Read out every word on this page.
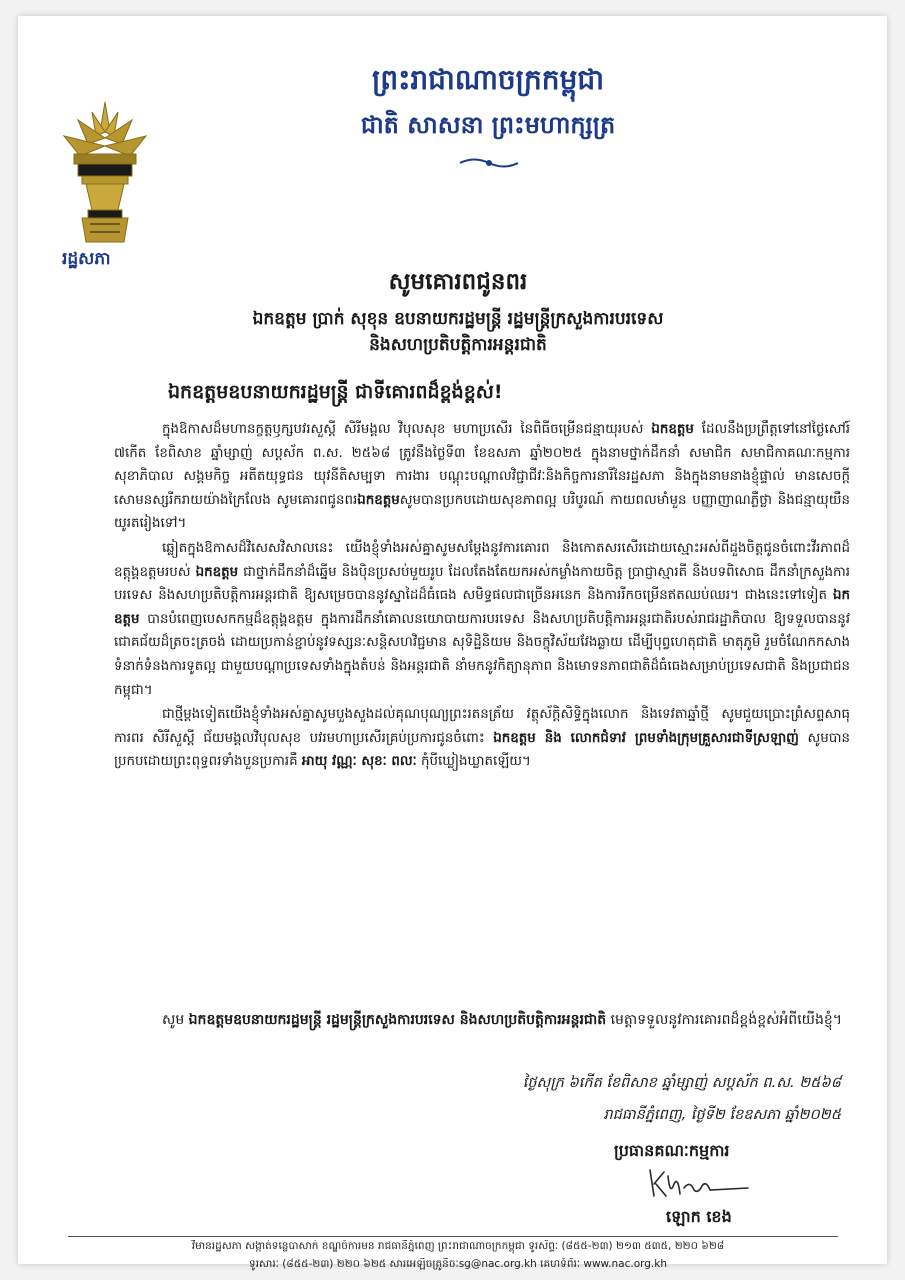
រដ្ឋសភា
ព្រះរាជាណាចក្រកម្ពុជា
ជាតិ សាសនា ព្រះមហាក្សត្រ
សូមគោរពជូនពរ
ឯកឧត្តម ប្រាក់ សុខុន ឧបនាយករដ្ឋមន្ត្រី រដ្ឋមន្ត្រីក្រសួងការបរទេស
និងសហប្រតិបត្តិការអន្តរជាតិ
ឯកឧត្តមឧបនាយករដ្ឋមន្ត្រី ជាទីគោរពដ៏ខ្ពង់ខ្ពស់!

ក្នុងឱកាសដ៏មហានក្ខត្តឫក្សបវរសួស្តី សិរីមង្គល វិបុលសុខ មហាប្រសើរ នៃពិធីចម្រើនជន្មាយុរបស់ ឯកឧត្តម ដែលនឹងប្រព្រឹត្តទៅនៅថ្ងៃសៅរ៍ ៧កើត ខែពិសាខ ឆ្នាំម្សាញ់ សប្តស័ក ព.ស. ២៥៦៨ ត្រូវនឹងថ្ងៃទី៣ ខែឧសភា ឆ្នាំ២០២៥ ក្នុងនាមថ្នាក់ដឹកនាំ សមាជិក សមាជិកាគណៈកម្មការសុខាភិបាល សង្គមកិច្ច អតីតយុទ្ធជន យុវនីតិសម្បទា ការងារ បណ្តុះបណ្តាលវិជ្ជាជីវៈនិងកិច្ចការនារីនៃរដ្ឋសភា និងក្នុងនាមនាងខ្ញុំផ្ទាល់ មានសេចក្តីសោមនស្សរីករាយយ៉ាងក្រៃលែង សូមគោរពជូនពរឯកឧត្តមសូមបានប្រកបដោយសុខភាពល្អ បរិបូរណ៍ កាយពលមាំមួន បញ្ញាញាណភ្លឺថ្លា និងជន្មាយុយឺនយូរតរៀងទៅ។

ឆ្លៀតក្នុងឱកាសដ៏វិសេសវិសាលនេះ យើងខ្ញុំទាំងអស់គ្នាសូមសម្តែងនូវការគោរព និងកោតសរសើរដោយស្មោះអស់ពីដួងចិត្តជូនចំពោះវីរភាពដ៏ឧត្តុង្គឧត្តមរបស់ ឯកឧត្តម ជាថ្នាក់ដឹកនាំដ៏ឆ្នើម និងប៉ិនប្រសប់មួយរូប ដែលតែងតែយកអស់កម្លាំងកាយចិត្ត ប្រាជ្ញាស្មារតី និងបទពិសោធ ដឹកនាំក្រសួងការបរទេស និងសហប្រតិបត្តិការអន្តរជាតិ ឱ្យសម្រេចបាននូវស្នាដៃដ៏ធំធេង សមិទ្ធផលជាច្រើនអនេក និងការរីកចម្រើនឥតឈប់ឈរ។ ជាងនេះទៅទៀត ឯកឧត្តម បានបំពេញបេសកកម្មដ៏ឧត្តុង្គឧត្តម ក្នុងការដឹកនាំគោលនយោបាយការបរទេស និងសហប្រតិបត្តិការអន្តរជាតិរបស់រាជរដ្ឋាភិបាល ឱ្យទទួលបាននូវជោគជ័យដ៏ត្រចះត្រចង់ ដោយប្រកាន់ខ្ជាប់នូវទស្សនៈសន្តិសហវិជ្ជមាន សុទិដ្ឋិនិយម និងចក្ខុវិស័យវែងឆ្ងាយ ដើម្បីបុព្វហេតុជាតិ មាតុភូមិ រួមចំណែកកសាងទំនាក់ទំនងការទូតល្អ ជាមួយបណ្តាប្រទេសទាំងក្នុងតំបន់ និងអន្តរជាតិ នាំមកនូវកិត្យានុភាព និងមោទនភាពជាតិដ៏ធំធេងសម្រាប់ប្រទេសជាតិ និងប្រជាជនកម្ពុជា។

ជាថ្មីម្តងទៀតយើងខ្ញុំទាំងអស់គ្នាសូមបួងសួងដល់គុណបុណ្យព្រះរតនត្រ័យ វត្ថុស័ក្តិសិទ្ធិក្នុងលោក និងទេវតាឆ្នាំថ្មី សូមជួយប្រោះព្រំសព្ទសាធុការពរ សិរីសួស្តី ជ័យមង្គលវិបុលសុខ បវរមហាប្រសើរគ្រប់ប្រការជូនចំពោះ ឯកឧត្តម និង លោកជំទាវ ព្រមទាំងក្រុមគ្រួសារជាទីស្រឡាញ់ សូមបានប្រកបដោយព្រះពុទ្ធពរទាំងបួនប្រការគឺ អាយុ វណ្ណៈ សុខៈ ពលៈ កុំបីឃ្លៀងឃ្លាតឡើយ។

សូម ឯកឧត្តមឧបនាយករដ្ឋមន្ត្រី រដ្ឋមន្ត្រីក្រសួងការបរទេស និងសហប្រតិបត្តិការអន្តរជាតិ មេត្តាទទួលនូវការគោរពដ៏ខ្ពង់ខ្ពស់អំពីយើងខ្ញុំ។
ថ្ងៃសុក្រ ៦កើត ខែពិសាខ ឆ្នាំម្សាញ់ សប្តស័ក ព.ស. ២៥៦៨
រាជធានីភ្នំពេញ, ថ្ងៃទី២ ខែឧសភា ឆ្នាំ២០២៥
ប្រធានគណៈកម្មការ
ឡោក ខេង
វិមានរដ្ឋសភា សង្កាត់ទន្លេបាសាក់ ខណ្ឌចំការមន រាជធានីភ្នំពេញ ព្រះរាជាណាចក្រកម្ពុជា ទូរស័ព្ទៈ (៨៥៥-២៣) ២១៣ ៥៣៥, ២២០ ៦២៨
ទូរសារៈ (៨៥៥-២៣) ២២០ ៦២៥ សារអេឡិចត្រូនិចៈsg@nac.org.kh គេហទំព័រៈ www.nac.org.kh
